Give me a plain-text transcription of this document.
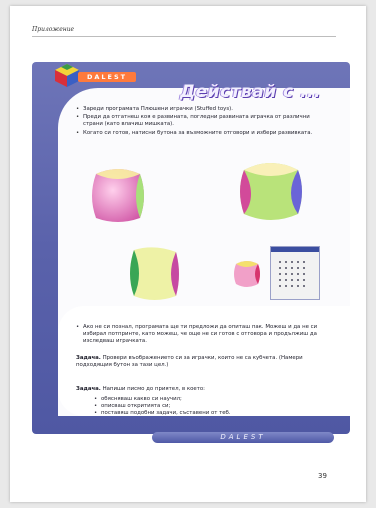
Приложение
DALEST
Действай с ...
• Зареди програмата Плюшени играчки (Stuffed toys).
• Преди да отгатнеш коя е развината, погледни развината играчка от различни страни (като влачиш мишката).
• Когато си готов, натисни бутона за възможните отговори и избери развивката.
• Ако не си познал, програмата ще ти предложи да опиташ пак. Можеш и да не си избирал потпринте, като можеш, че още не си готов с отговора и продължиш да изследваш играчката.
Задача. Провери въображението си за играчки, които не са кубчета. (Намери подходящия бутон за тази цел.)
Задача. Напиши писмо до приятел, в което:
• обясняваш какво си научил;
• описваш откритията си;
• поставяш подобни задачи, съставени от теб.
DALEST
39
